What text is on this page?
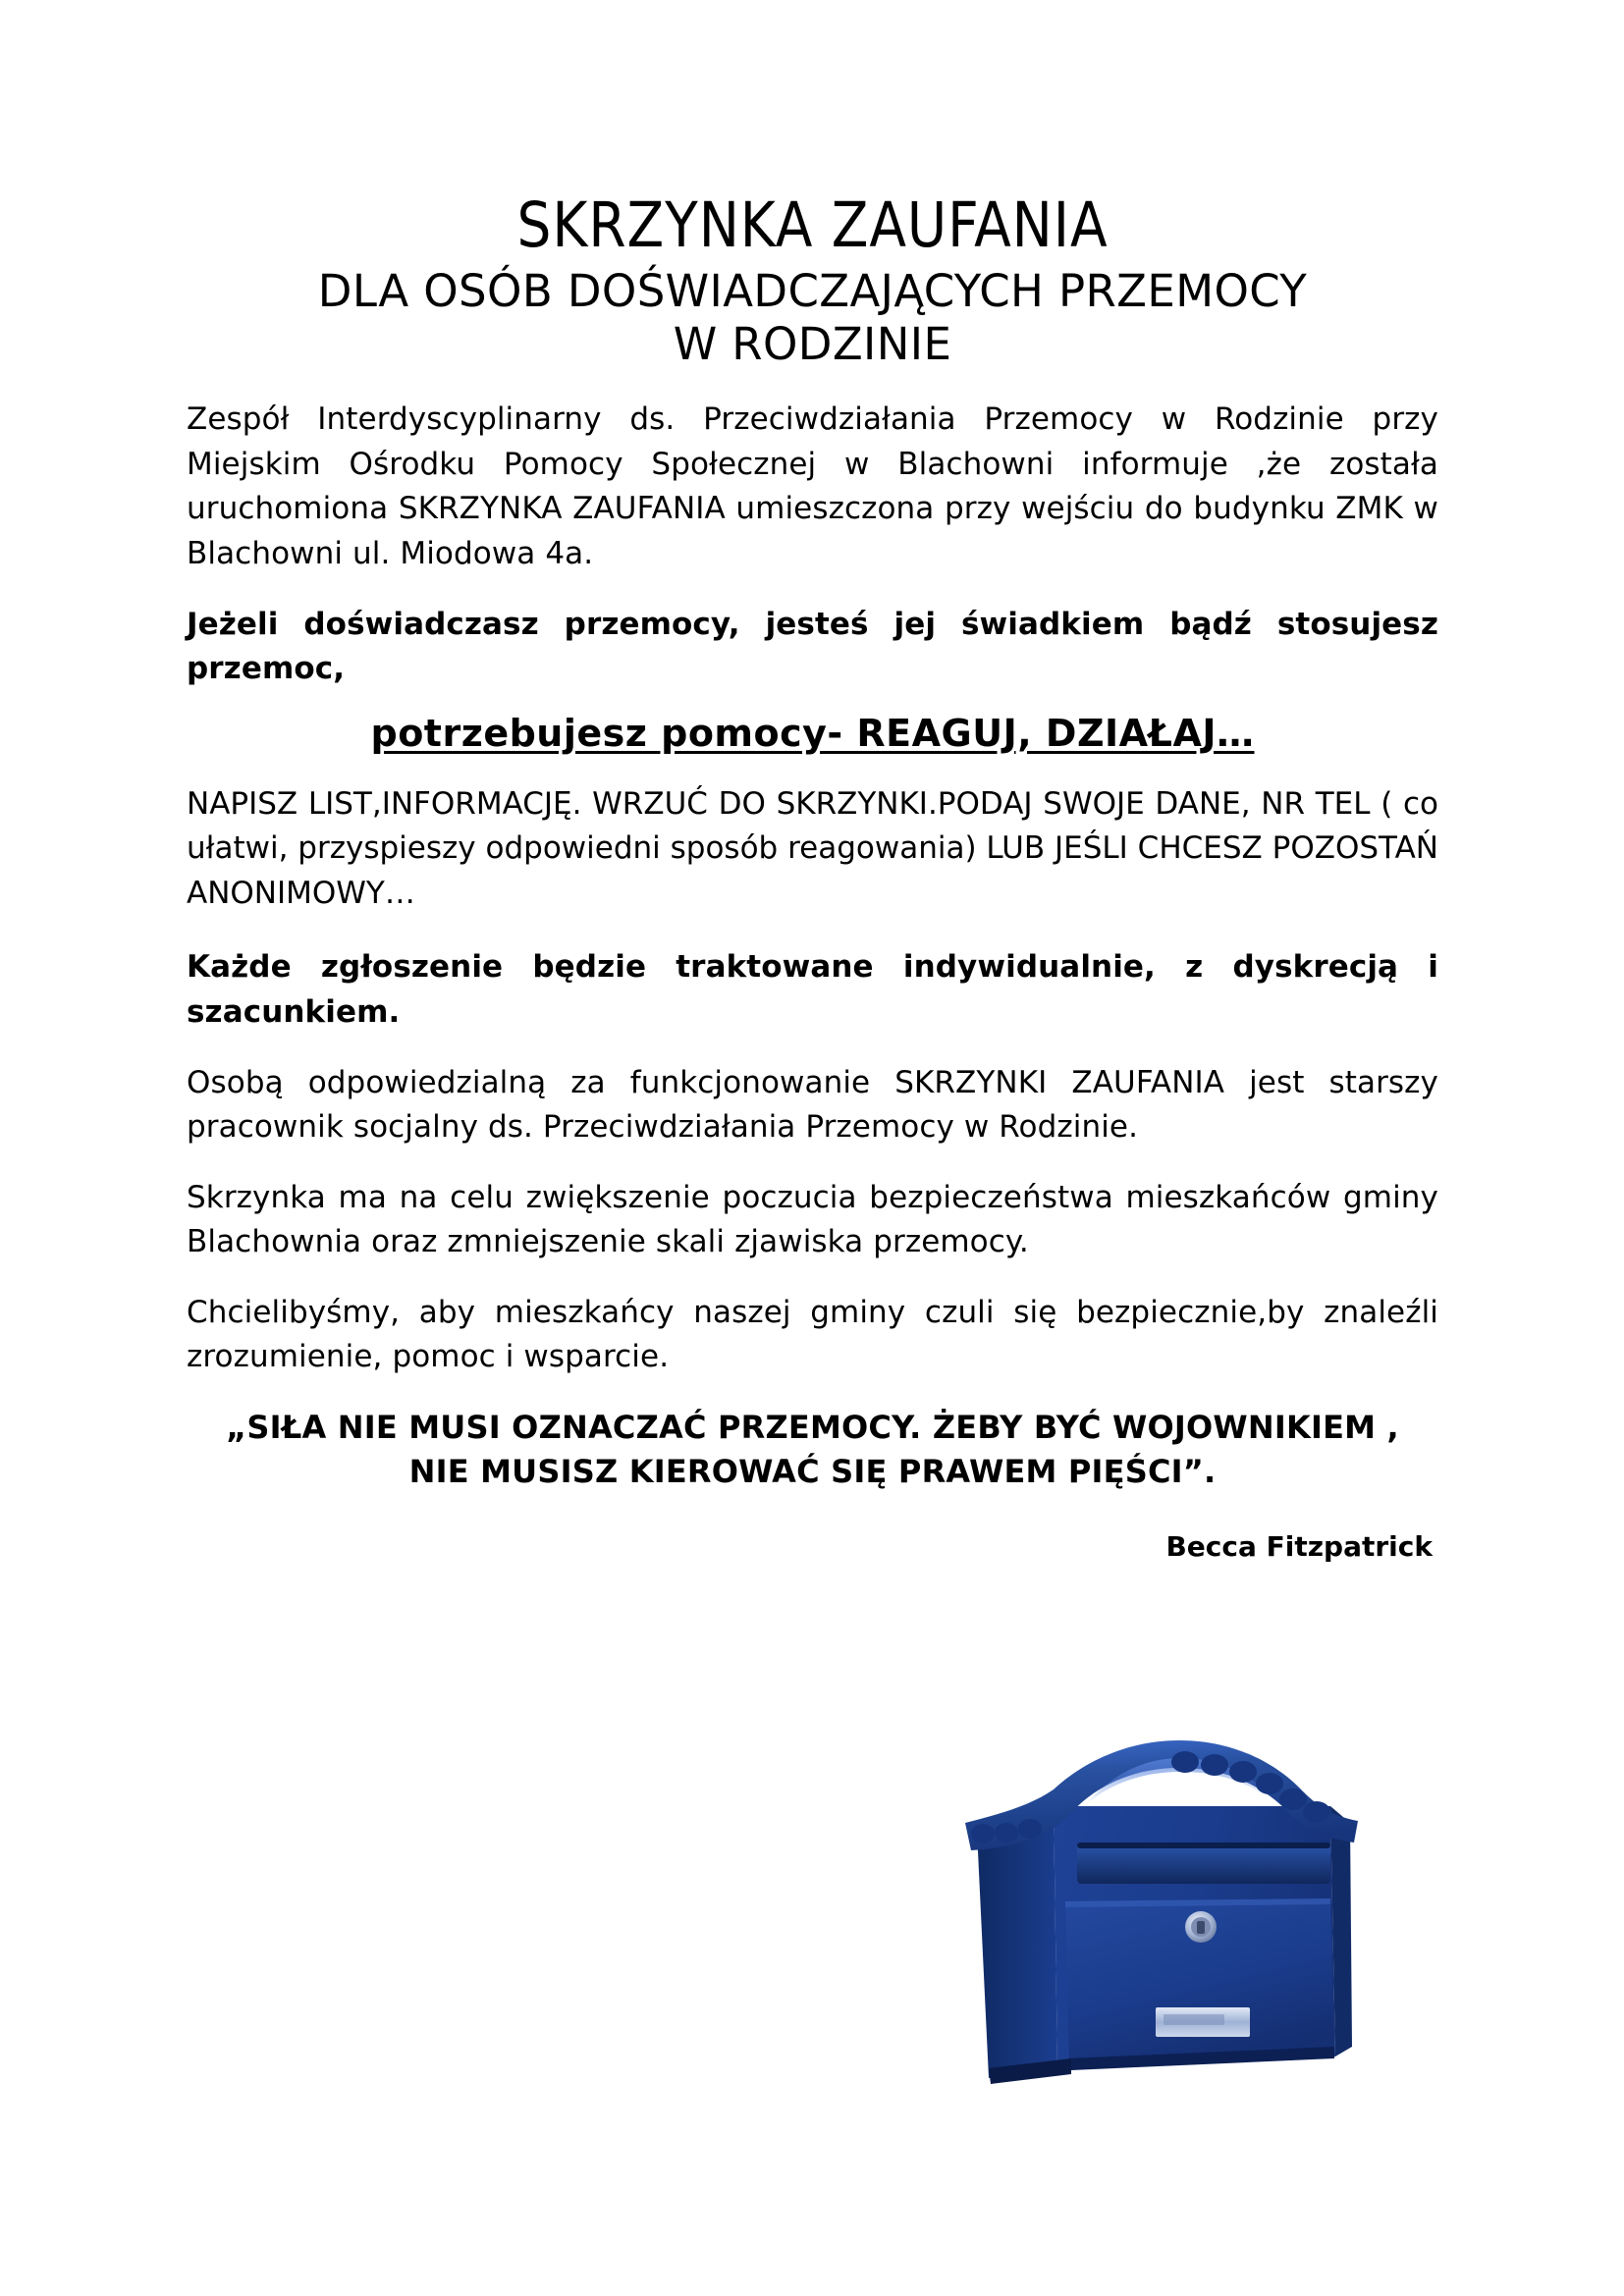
SKRZYNKA ZAUFANIA
DLA OSÓB DOŚWIADCZAJĄCYCH PRZEMOCY
W RODZINIE

Zespół Interdyscyplinarny ds. Przeciwdziałania Przemocy w Rodzinie przy Miejskim Ośrodku Pomocy Społecznej w Blachowni informuje ,że została uruchomiona SKRZYNKA ZAUFANIA umieszczona przy wejściu do budynku ZMK w Blachowni ul. Miodowa 4a.

Jeżeli doświadczasz przemocy, jesteś jej świadkiem bądź stosujesz przemoc,

potrzebujesz pomocy- REAGUJ, DZIAŁAJ…

NAPISZ LIST,INFORMACJĘ. WRZUĆ DO SKRZYNKI.PODAJ SWOJE DANE, NR TEL ( co ułatwi, przyspieszy odpowiedni sposób reagowania) LUB JEŚLI CHCESZ POZOSTAŃ ANONIMOWY…

Każde zgłoszenie będzie traktowane indywidualnie, z dyskrecją i szacunkiem.

Osobą odpowiedzialną za funkcjonowanie SKRZYNKI ZAUFANIA jest starszy pracownik socjalny ds. Przeciwdziałania Przemocy w Rodzinie.

Skrzynka ma na celu zwiększenie poczucia bezpieczeństwa mieszkańców gminy Blachownia oraz zmniejszenie skali zjawiska przemocy.

Chcielibyśmy, aby mieszkańcy naszej gminy czuli się bezpiecznie,by znaleźli zrozumienie, pomoc i wsparcie.

„SIŁA NIE MUSI OZNACZAĆ PRZEMOCY. ŻEBY BYĆ WOJOWNIKIEM ,
NIE MUSISZ KIEROWAĆ SIĘ PRAWEM PIĘŚCI”.
Becca Fitzpatrick
